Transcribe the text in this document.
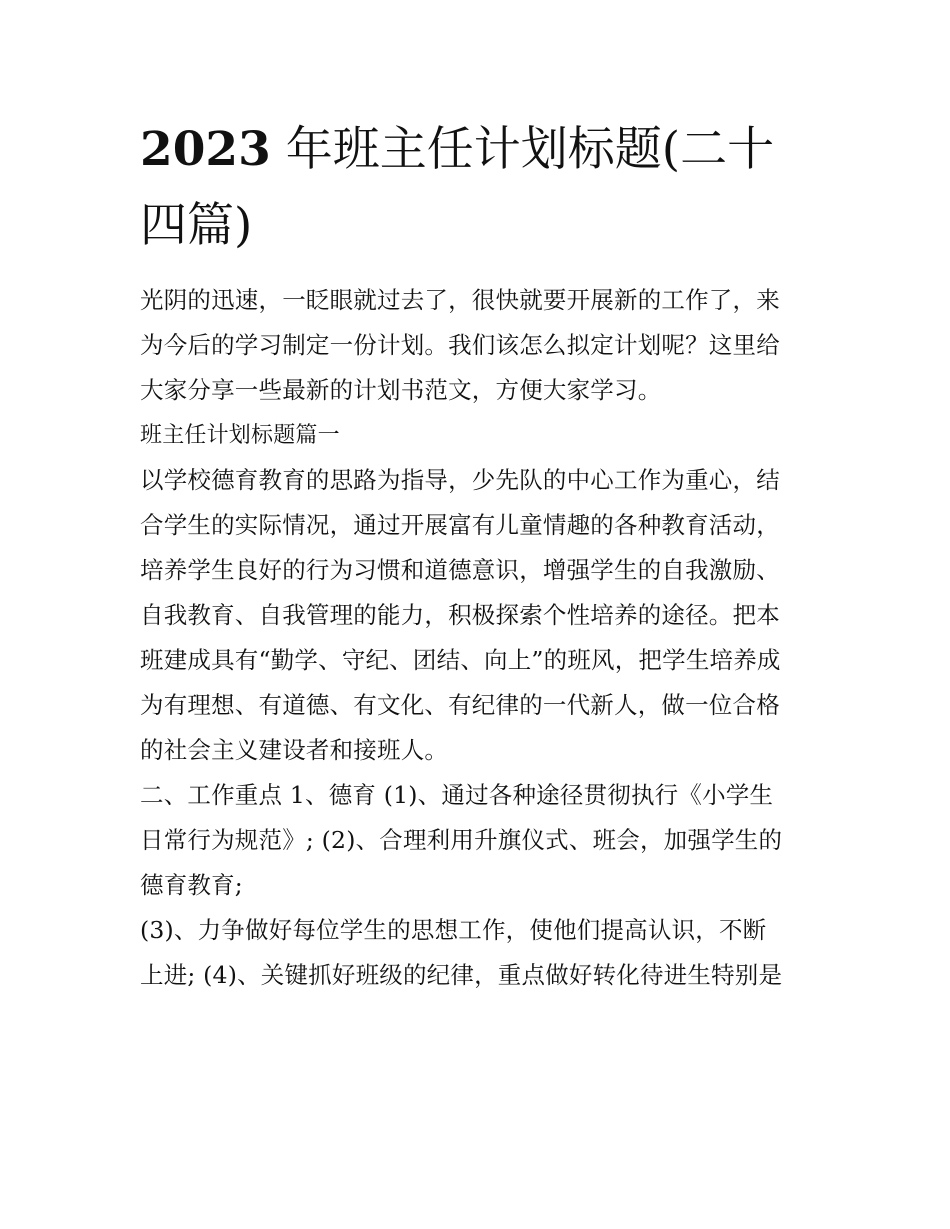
2023 年班主任计划标题(二十
四篇)

光阴的迅速，一眨眼就过去了，很快就要开展新的工作了，来
为今后的学习制定一份计划。我们该怎么拟定计划呢？这里给
大家分享一些最新的计划书范文，方便大家学习。

班主任计划标题篇一

以学校德育教育的思路为指导，少先队的中心工作为重心，结
合学生的实际情况，通过开展富有儿童情趣的各种教育活动，
培养学生良好的行为习惯和道德意识，增强学生的自我激励、
自我教育、自我管理的能力，积极探索个性培养的途径。把本
班建成具有“勤学、守纪、团结、向上”的班风，把学生培养成
为有理想、有道德、有文化、有纪律的一代新人，做一位合格
的社会主义建设者和接班人。

二、工作重点 1、德育 (1)、通过各种途径贯彻执行《小学生
日常行为规范》; (2)、合理利用升旗仪式、班会，加强学生的
德育教育;

(3)、力争做好每位学生的思想工作，使他们提高认识，不断
上进; (4)、关键抓好班级的纪律，重点做好转化待进生特别是
